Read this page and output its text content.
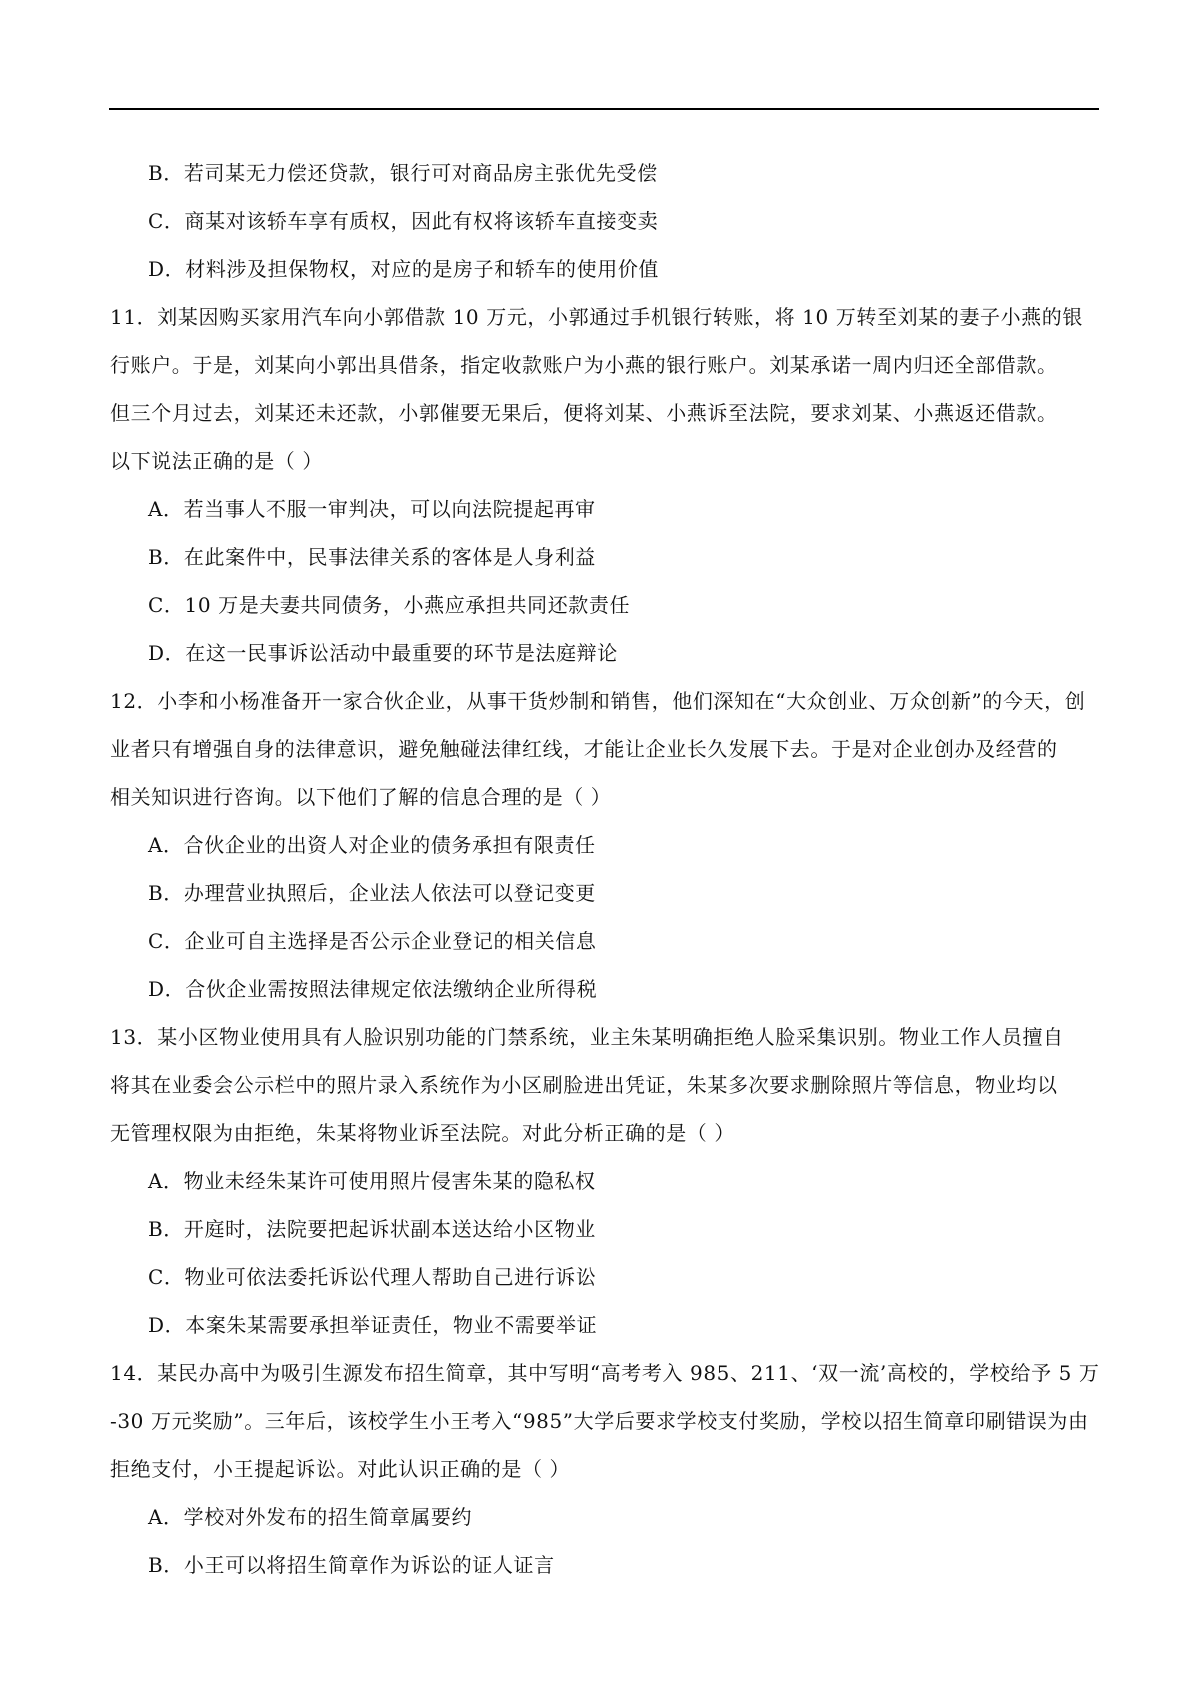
B．若司某无力偿还贷款，银行可对商品房主张优先受偿
C．商某对该轿车享有质权，因此有权将该轿车直接变卖
D．材料涉及担保物权，对应的是房子和轿车的使用价值
11．刘某因购买家用汽车向小郭借款 10 万元，小郭通过手机银行转账，将 10 万转至刘某的妻子小燕的银
行账户。于是，刘某向小郭出具借条，指定收款账户为小燕的银行账户。刘某承诺一周内归还全部借款。
但三个月过去，刘某还未还款，小郭催要无果后，便将刘某、小燕诉至法院，要求刘某、小燕返还借款。
以下说法正确的是（ ）
A．若当事人不服一审判决，可以向法院提起再审
B．在此案件中，民事法律关系的客体是人身利益
C．10 万是夫妻共同债务，小燕应承担共同还款责任
D．在这一民事诉讼活动中最重要的环节是法庭辩论
12．小李和小杨准备开一家合伙企业，从事干货炒制和销售，他们深知在“大众创业、万众创新”的今天，创
业者只有增强自身的法律意识，避免触碰法律红线，才能让企业长久发展下去。于是对企业创办及经营的
相关知识进行咨询。以下他们了解的信息合理的是（ ）
A．合伙企业的出资人对企业的债务承担有限责任
B．办理营业执照后，企业法人依法可以登记变更
C．企业可自主选择是否公示企业登记的相关信息
D．合伙企业需按照法律规定依法缴纳企业所得税
13．某小区物业使用具有人脸识别功能的门禁系统，业主朱某明确拒绝人脸采集识别。物业工作人员擅自
将其在业委会公示栏中的照片录入系统作为小区刷脸进出凭证，朱某多次要求删除照片等信息，物业均以
无管理权限为由拒绝，朱某将物业诉至法院。对此分析正确的是（ ）
A．物业未经朱某许可使用照片侵害朱某的隐私权
B．开庭时，法院要把起诉状副本送达给小区物业
C．物业可依法委托诉讼代理人帮助自己进行诉讼
D．本案朱某需要承担举证责任，物业不需要举证
14．某民办高中为吸引生源发布招生简章，其中写明“高考考入 985、211、‘双一流’高校的，学校给予 5 万
-30 万元奖励”。三年后，该校学生小王考入“985”大学后要求学校支付奖励，学校以招生简章印刷错误为由
拒绝支付，小王提起诉讼。对此认识正确的是（ ）
A．学校对外发布的招生简章属要约
B．小王可以将招生简章作为诉讼的证人证言
